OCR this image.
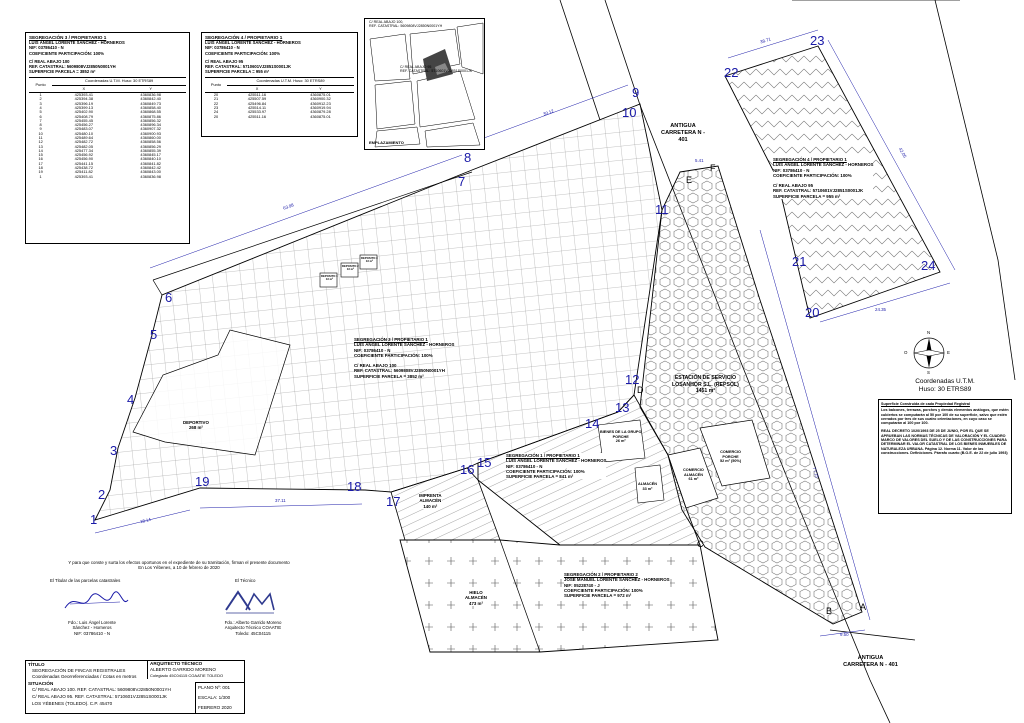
1
2
3
4
5
6
7
8
9
10
11
12
13
14
15
16
17
18
19
20
21
22
23
24
A
B
C
D
E
F
63.98
30.12
37.11
18.14
38.71
42.05
77.15
5.41
9.50
24.35
SEGREGACIÓN 3 / PROPIETARIO 1
LUIS ÁNGEL LORENTE SÁNCHEZ - HORNEROS
NIF: 03786410 - N
COEFICIENTE PARTICIPACIÓN: 100%
C/ REAL ABAJO 100
REF. CATASTRAL: 5609808VJ2850N0001YH
SUPERFICIE PARCELA = 3852 m²
Punto	Coordenadas U.T.M. Huso: 30 ETRS89	
	X	Y
1	425393.41	4360836.98
2	425394.38	4360842.40
3	425396.19	4360849.73
4	425399.13	4360858.40
5	425402.90	4360868.55
6	425408.79	4360875.86
7	425455.45	4360856.32
8	425456.27	4360896.34
9	425483.07	4360907.32
10	425480.10	4360900.93
11	425489.64	4360860.00
12	425482.72	4360858.56
13	425482.05	4360856.29
14	425477.34	4360855.39
15	425456.92	4360845.17
16	425456.90	4360840.10
17	425441.15	4360841.82
18	425438.72	4360842.42
19	425411.82	4360843.00
1	425393.41	4360836.98
SEGREGACIÓN 4 / PROPIETARIO 1
LUIS ÁNGEL LORENTE SÁNCHEZ - HORNEROS
NIF: 03786410 - N
COEFICIENTE PARTICIPACIÓN: 100%
C/ REAL ABAJO 95
REF. CATASTRAL: 5710601VJ2851S0001JK
SUPERFICIE PARCELA = 955 m²
Punto	Coordenadas U.T.M. Huso: 30 ETRS89	
	X	Y
20	425511.16	4360875.01
21	425507.59	4360900.32
22	425496.84	4360912.23
23	425514.11	4360919.94
24	425533.97	4360879.28
20	425511.16	4360875.01
C/ REAL ABAJO 100,
REF. CATASTRAL: 5609808VJ2850N0001YH
C/ REAL ABAJO 95
REF. CATASTRAL: 5710601VJ2851S0001JK
EMPLAZAMIENTO
ANTIGUA CARRETERA N - 401
ANTIGUA CARRETERA N - 401
SEGREGACIÓN 3 / PROPIETARIO 1
LUIS ÁNGEL LORENTE SÁNCHEZ - HORNEROS
NIF: 03786410 - N
COEFICIENTE PARTICIPACIÓN: 100%
C/ REAL ABAJO 100
REF. CATASTRAL: 5609808VJ2850N0001YH
SUPERFICIE PARCELA = 3852 m²
SEGREGACIÓN 4 / PROPIETARIO 1
LUIS ÁNGEL LORENTE SÁNCHEZ - HORNEROS
NIF: 03786410 - N
COEFICIENTE PARTICIPACIÓN: 100%
C/ REAL ABAJO 95
REF. CATASTRAL: 5710601VJ2851S0001JK
SUPERFICIE PARCELA = 955 m²
SEGREGACIÓN 1 / PROPIETARIO 1
LUIS ÁNGEL LORENTE SÁNCHEZ - HORNEROS
NIF: 03786410 - N
COEFICIENTE PARTICIPACIÓN: 100%
SUPERFICIE PARCELA = 841 m²
SEGREGACIÓN 2 / PROPIETARIO 2
JOSE MANUEL LORENTE SÁNCHEZ - HORNEROS
NIF: 05228740 - J
COEFICIENTE PARTICIPACIÓN: 100%
SUPERFICIE PARCELA = 972 m²
DEPORTIVO
268 m²
ESTACIÓN DE SERVICIO
LOSANHOR S.L. (REPSOL)
1451 m²
BIENES DE LA GRUPO
PORCHE
26 m²
ALMACÉN
33 m²
COMERCIO
ALMACÉN
61 m²
COMERCIO
PORCHE
52 m² (50%)
IMPRENTA
ALMACÉN
140 m²
HIELO
ALMACÉN
473 m²
DEPOSITO 1
13 m²
DEPOSITO 2
13 m²
DEPOSITO 3
13 m²
N
S
E
O
Coordenadas U.T.M.
Huso: 30 ETRS89
Superficie Construida de cada Propiedad Registral
Los balcones, terrazas, porches y demás elementos análogos, que estén cubiertos se computarán al 50 por 100 de su superficie, salvo que estén cerrados por tres de sus cuatro orientaciones, en cuyo caso se computarán al 100 por 100.
REAL DECRETO 1020/1993 DE 25 DE JUNIO, POR EL QUE SE APRUEBAN LAS NORMAS TÉCNICAS DE VALORACIÓN Y EL CUADRO MARCO DE VALORES DEL SUELO Y DE LAS CONSTRUCCIONES PARA DETERMINAR EL VALOR CATASTRAL DE LOS BIENES INMUEBLES DE NATURALEZA URBANA. Página 12. Norma 11. Valor de las construcciones. Definiciones. Párrafo cuarto (B.O.E. de 22 de julio 1993)
Y para que conste y surta los efectos oportunos en el expediente de su tramitación, firman el presente documento
En Los Yébenes, a 10 de febrero de 2020
El Titular de las parcelas catastrales	El Técnico
Fdo.: Luis Ángel Lorente
Sánchez - Horneros
NIF: 03786410 - N
Fdo.: Alberto Garrido Moreno
Arquitecto Técnico COAATIE
Toledo: 45C04115
TÍTULO
SEGREGACIÓN DE FINCAS REGISTRALES
Coordenadas Georreferenciadas / Cotas en metros
SITUACIÓN
C/ REAL ABAJO 100. REF. CATASTRAL: 5609808VJ2850N0001YH
C/ REAL ABAJO 95. REF. CATASTRAL: 5710601VJ2851S0001JK
LOS YÉBENES (TOLEDO). C.P. 45470
ARQUITECTO TÉCNICO
ALBERTO GARRIDO MORENO
Colegiado 45C04115 COAATIE TOLEDO
PLANO Nº: 001
ESCALA: 1/300
FEBRERO 2020
